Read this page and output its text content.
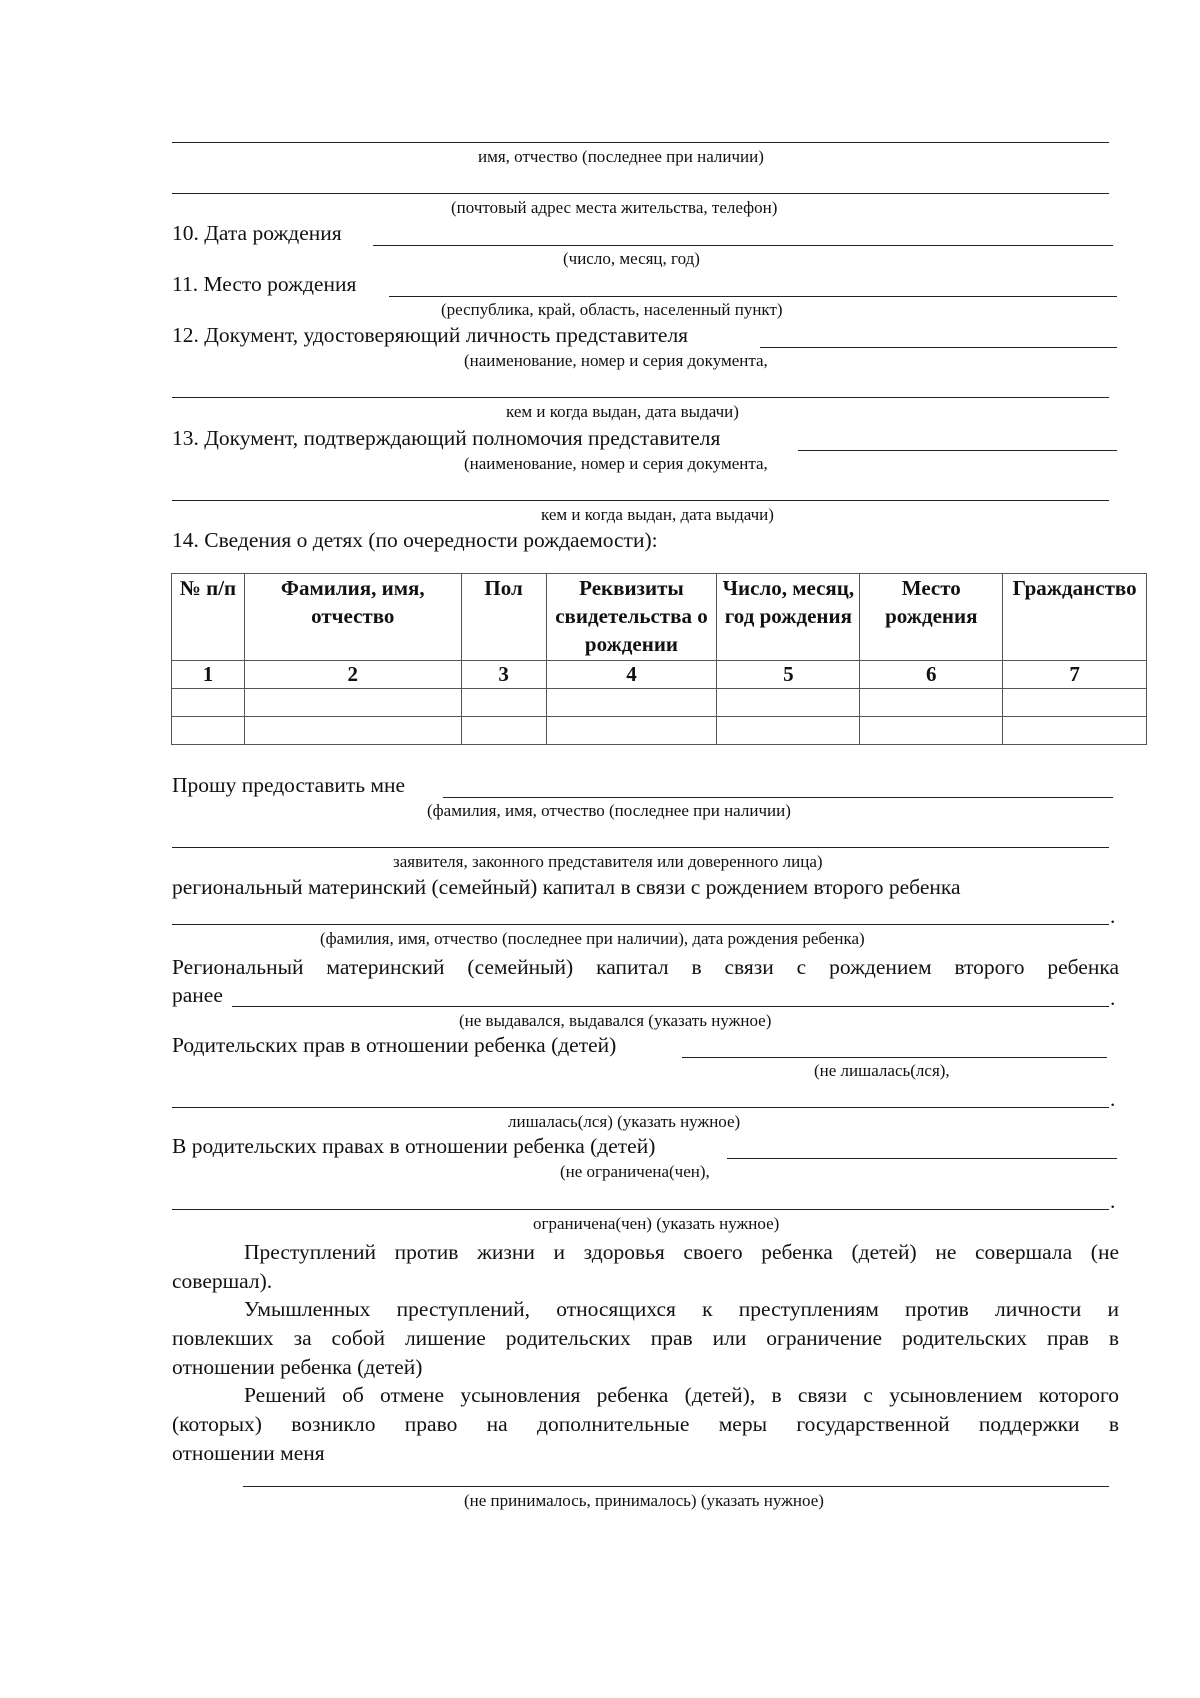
имя, отчество (последнее при наличии)
(почтовый адрес места жительства, телефон)
10. Дата рождения
(число, месяц, год)
11. Место рождения
(республика, край, область, населенный пункт)
12. Документ, удостоверяющий личность представителя
(наименование, номер и серия документа,
кем и когда выдан, дата выдачи)
13. Документ, подтверждающий полномочия представителя
(наименование, номер и серия документа,
кем и когда выдан, дата выдачи)
14. Сведения о детях (по очередности рождаемости):
№ п/п	Фамилия, имя, отчество	Пол	Реквизиты свидетельства о рождении	Число, месяц, год рождения	Место рождения	Гражданство
1	2	3	4	5	6	7

Прошу предоставить мне
(фамилия, имя, отчество (последнее при наличии)
заявителя, законного представителя или доверенного лица)
региональный материнский (семейный) капитал в связи с рождением второго ребенка
.
(фамилия, имя, отчество (последнее при наличии), дата рождения ребенка)
Региональный материнский (семейный) капитал в связи с рождением второго ребенка
ранее	.
(не выдавался, выдавался (указать нужное)
Родительских прав в отношении ребенка (детей)
(не лишалась(лся),
.
лишалась(лся) (указать нужное)
В родительских правах в отношении ребенка (детей)
(не ограничена(чен),
.
ограничена(чен) (указать нужное)
Преступлений против жизни и здоровья своего ребенка (детей) не совершала (не
совершал).
Умышленных преступлений, относящихся к преступлениям против личности и
повлекших за собой лишение родительских прав или ограничение родительских прав в
отношении ребенка (детей)
Решений об отмене усыновления ребенка (детей), в связи с усыновлением которого
(которых) возникло право на дополнительные меры государственной поддержки в
отношении меня
(не принималось, принималось) (указать нужное)
